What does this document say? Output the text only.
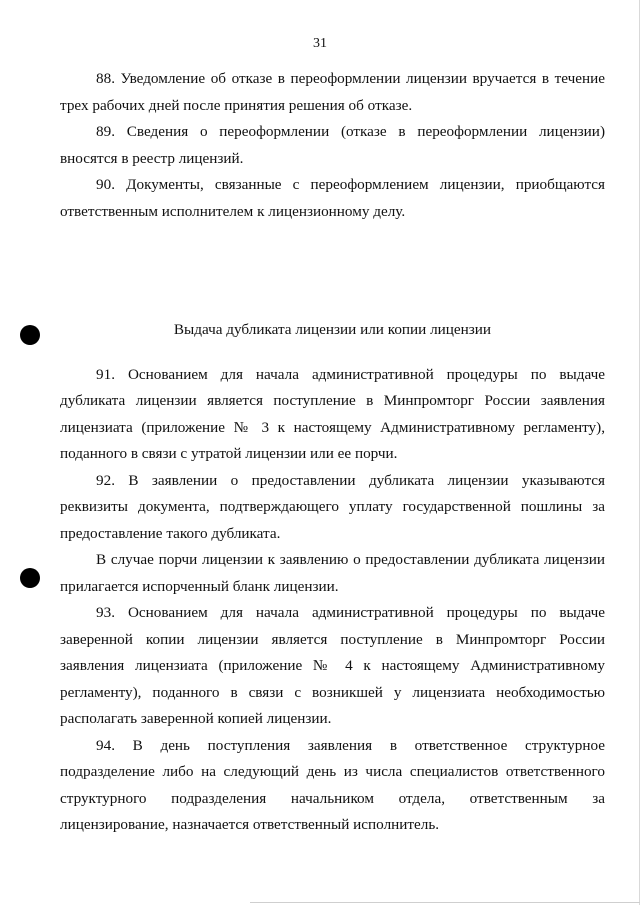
31

88. Уведомление об отказе в переоформлении лицензии вручается в течение трех рабочих дней после принятия решения об отказе.

89. Сведения о переоформлении (отказе в переоформлении лицензии) вносятся в реестр лицензий.

90. Документы, связанные с переоформлением лицензии, приобщаются ответственным исполнителем к лицензионному делу.

Выдача дубликата лицензии или копии лицензии

91. Основанием для начала административной процедуры по выдаче дубликата лицензии является поступление в Минпромторг России заявления лицензиата (приложение № 3 к настоящему Административному регламенту), поданного в связи с утратой лицензии или ее порчи.

92. В заявлении о предоставлении дубликата лицензии указываются реквизиты документа, подтверждающего уплату государственной пошлины за предоставление такого дубликата.

В случае порчи лицензии к заявлению о предоставлении дубликата лицензии прилагается испорченный бланк лицензии.

93. Основанием для начала административной процедуры по выдаче заверенной копии лицензии является поступление в Минпромторг России заявления лицензиата (приложение № 4 к настоящему Административному регламенту), поданного в связи с возникшей у лицензиата необходимостью располагать заверенной копией лицензии.

94. В день поступления заявления в ответственное структурное подразделение либо на следующий день из числа специалистов ответственного структурного подразделения начальником отдела, ответственным за лицензирование, назначается ответственный исполнитель.
